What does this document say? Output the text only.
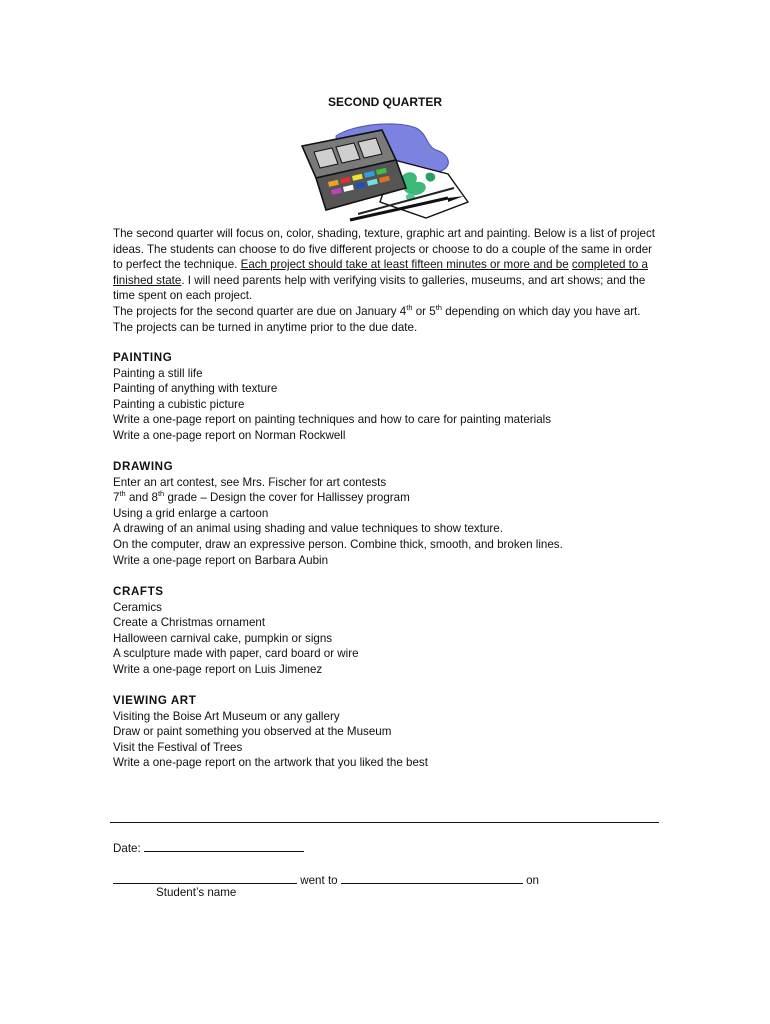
SECOND QUARTER

The second quarter will focus on, color, shading, texture, graphic art and painting. Below is a list of project ideas. The students can choose to do five different projects or choose to do a couple of the same in order to perfect the technique. Each project should take at least fifteen minutes or more and be completed to a finished state. I will need parents help with verifying visits to galleries, museums, and art shows; and the time spent on each project.

The projects for the second quarter are due on January 4th or 5th depending on which day you have art. The projects can be turned in anytime prior to the due date.

PAINTING
Painting a still life
Painting of anything with texture
Painting a cubistic picture
Write a one-page report on painting techniques and how to care for painting materials
Write a one-page report on Norman Rockwell
DRAWING
Enter an art contest, see Mrs. Fischer for art contests
7th and 8th grade – Design the cover for Hallissey program
Using a grid enlarge a cartoon
A drawing of an animal using shading and value techniques to show texture.
On the computer, draw an expressive person. Combine thick, smooth, and broken lines.
Write a one-page report on Barbara Aubin
CRAFTS
Ceramics
Create a Christmas ornament
Halloween carnival cake, pumpkin or signs
A sculpture made with paper, card board or wire
Write a one-page report on Luis Jimenez
VIEWING ART
Visiting the Boise Art Museum or any gallery
Draw or paint something you observed at the Museum
Visit the Festival of Trees
Write a one-page report on the artwork that you liked the best
Date:
went to	on
Student’s name
